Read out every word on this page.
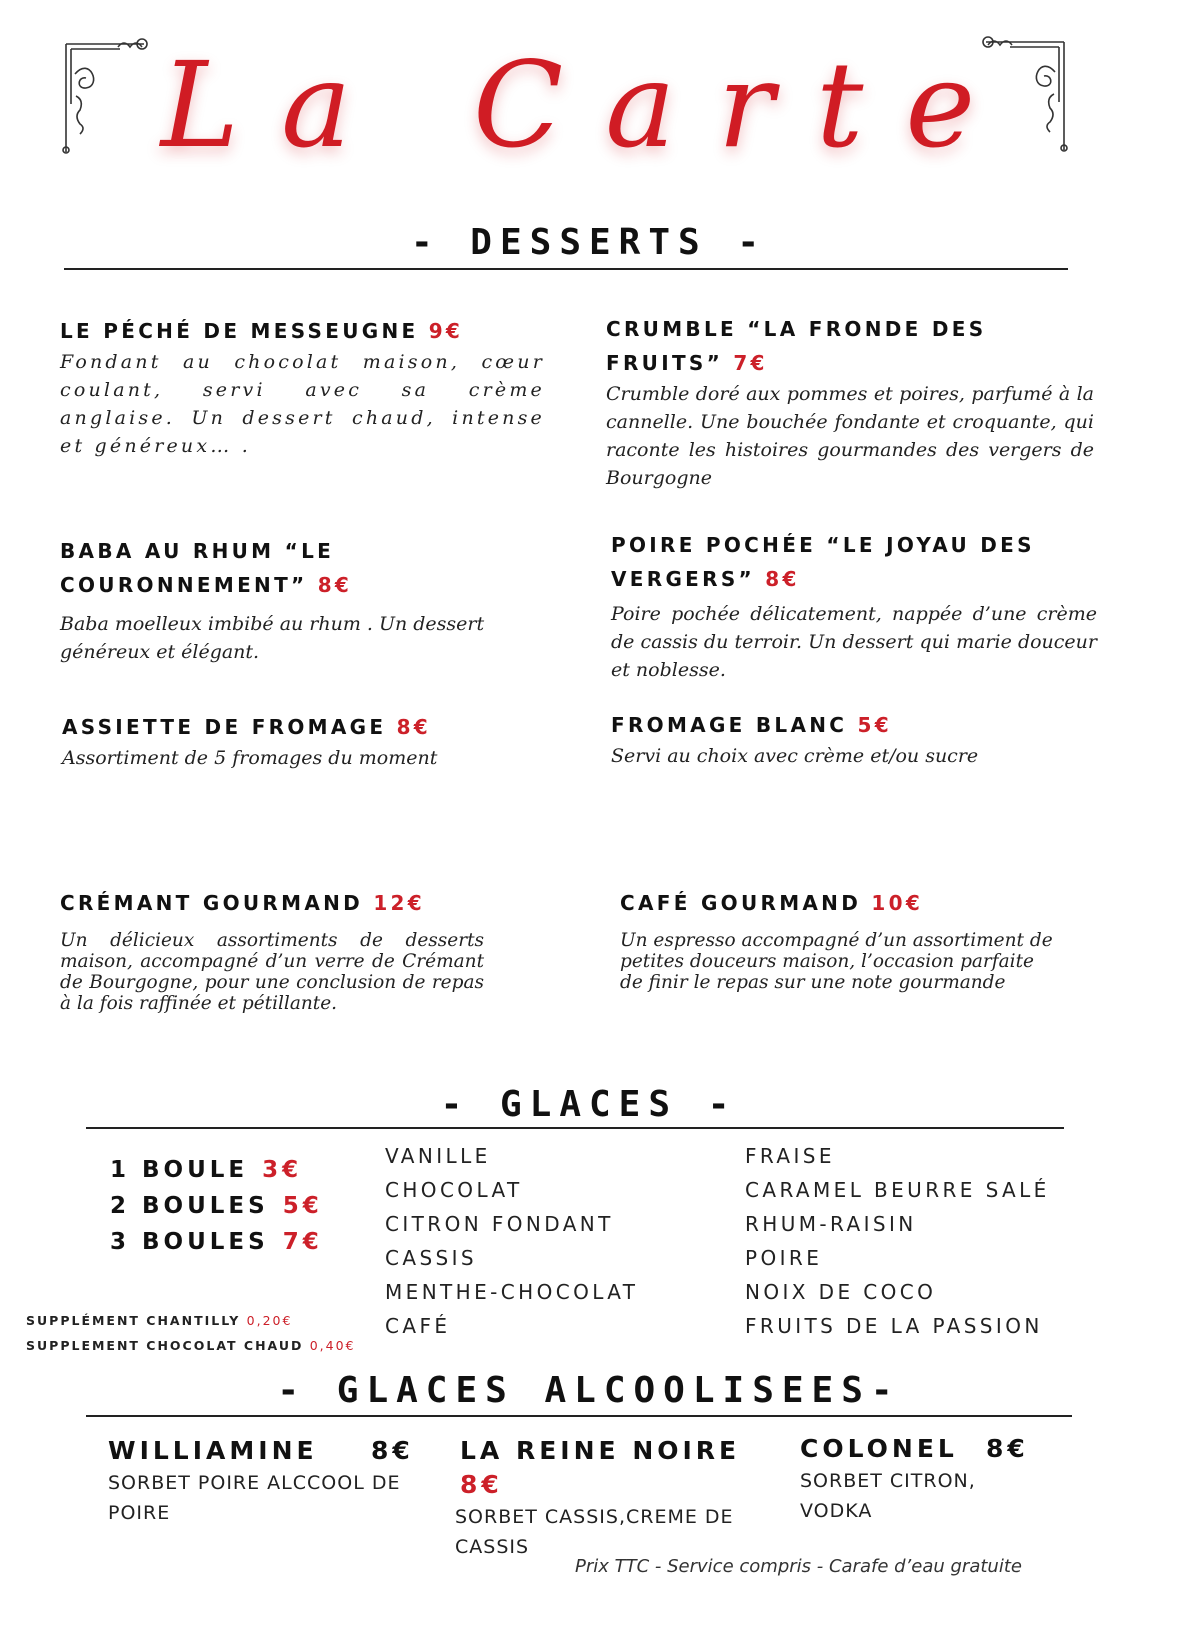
La Carte
- DESSERTS -
LE PÉCHÉ DE MESSEUGNE 9€
Fondant au chocolat maison, cœur coulant, servi avec sa crème anglaise. Un dessert chaud, intense et généreux… .
CRUMBLE “LA FRONDE DES FRUITS” 7€
Crumble doré aux pommes et poires, parfumé à la cannelle. Une bouchée fondante et croquante, qui raconte les histoires gourmandes des vergers de Bourgogne
BABA AU RHUM “LE COURONNEMENT” 8€
Baba moelleux imbibé au rhum . Un dessert généreux et élégant.
POIRE POCHÉE “LE JOYAU DES VERGERS” 8€
Poire pochée délicatement, nappée d’une crème de cassis du terroir. Un dessert qui marie douceur et noblesse.
ASSIETTE DE FROMAGE 8€
Assortiment de 5 fromages du moment
FROMAGE BLANC 5€
Servi au choix avec crème et/ou sucre
CRÉMANT GOURMAND 12€
Un délicieux assortiments de desserts maison, accompagné d’un verre de Crémant de Bourgogne, pour une conclusion de repas à la fois raffinée et pétillante.
CAFÉ GOURMAND 10€
Un espresso accompagné d’un assortiment de petites douceurs maison, l’occasion parfaite de finir le repas sur une note gourmande
- GLACES -
1 BOULE 3€
2 BOULES 5€
3 BOULES 7€
VANILLE
CHOCOLAT
CITRON FONDANT
CASSIS
MENTHE-CHOCOLAT
CAFÉ
FRAISE
CARAMEL BEURRE SALÉ
RHUM-RAISIN
POIRE
NOIX DE COCO
FRUITS DE LA PASSION
SUPPLÉMENT CHANTILLY 0,20€
SUPPLEMENT CHOCOLAT CHAUD 0,40€
- GLACES ALCOOLISEES-
WILLIAMINE	8€
SORBET POIRE ALCCOOL DE POIRE
LA REINE NOIRE 8€
SORBET CASSIS,CREME DE CASSIS
COLONEL	8€
SORBET CITRON, VODKA
Prix TTC - Service compris - Carafe d’eau gratuite
